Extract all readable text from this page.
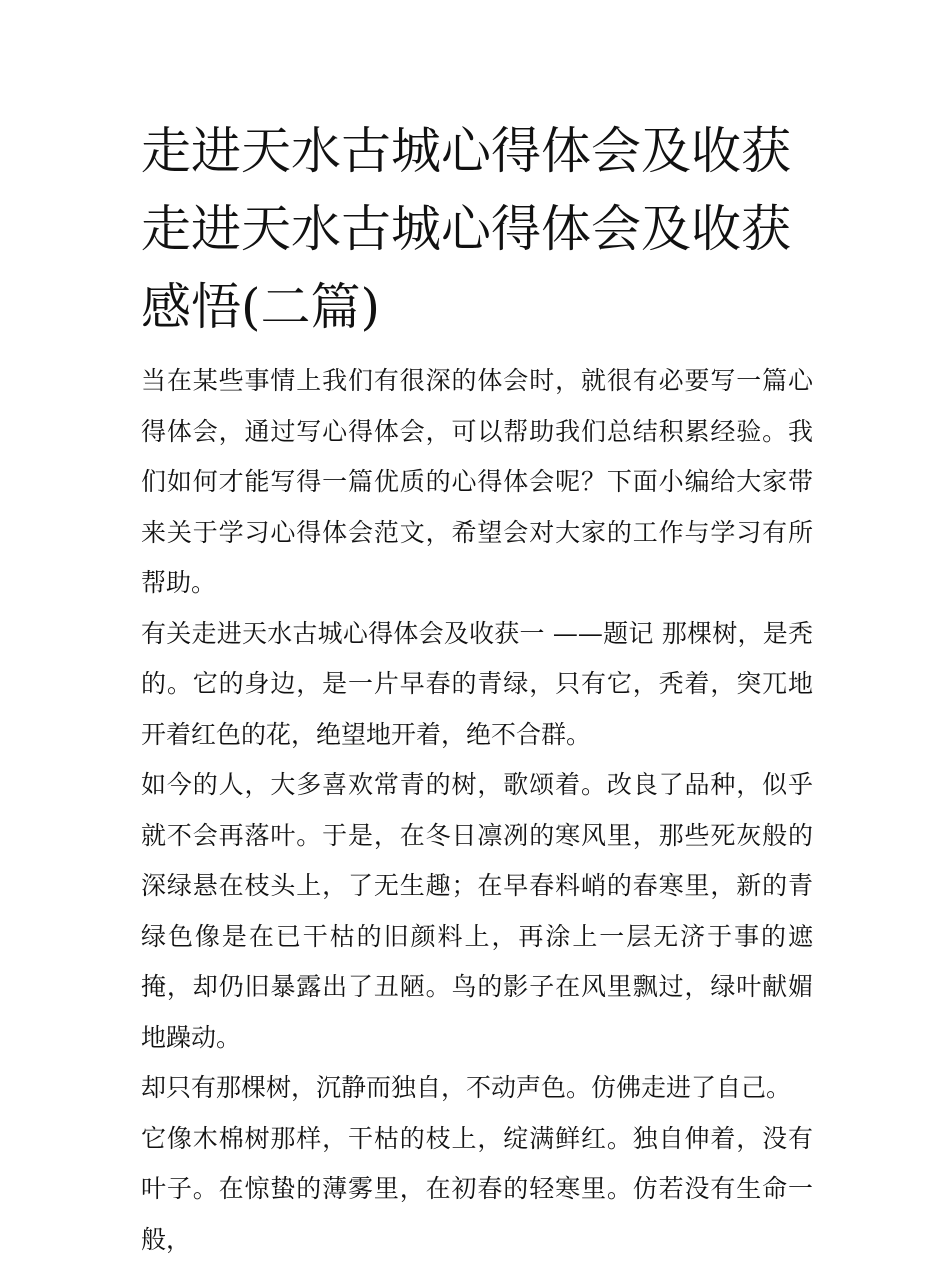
走进天水古城心得体会及收获走进天水古城心得体会及收获感悟(二篇)

当在某些事情上我们有很深的体会时，就很有必要写一篇心得体会，通过写心得体会，可以帮助我们总结积累经验。我们如何才能写得一篇优质的心得体会呢？下面小编给大家带来关于学习心得体会范文，希望会对大家的工作与学习有所帮助。

有关走进天水古城心得体会及收获一 ——题记 那棵树，是秃的。它的身边，是一片早春的青绿，只有它，秃着，突兀地开着红色的花，绝望地开着，绝不合群。

如今的人，大多喜欢常青的树，歌颂着。改良了品种，似乎就不会再落叶。于是，在冬日凛冽的寒风里，那些死灰般的深绿悬在枝头上，了无生趣；在早春料峭的春寒里，新的青绿色像是在已干枯的旧颜料上，再涂上一层无济于事的遮掩，却仍旧暴露出了丑陋。鸟的影子在风里飘过，绿叶献媚地躁动。

却只有那棵树，沉静而独自，不动声色。仿佛走进了自己。

它像木棉树那样，干枯的枝上，绽满鲜红。独自伸着，没有叶子。在惊蛰的薄雾里，在初春的轻寒里。仿若没有生命一般，
